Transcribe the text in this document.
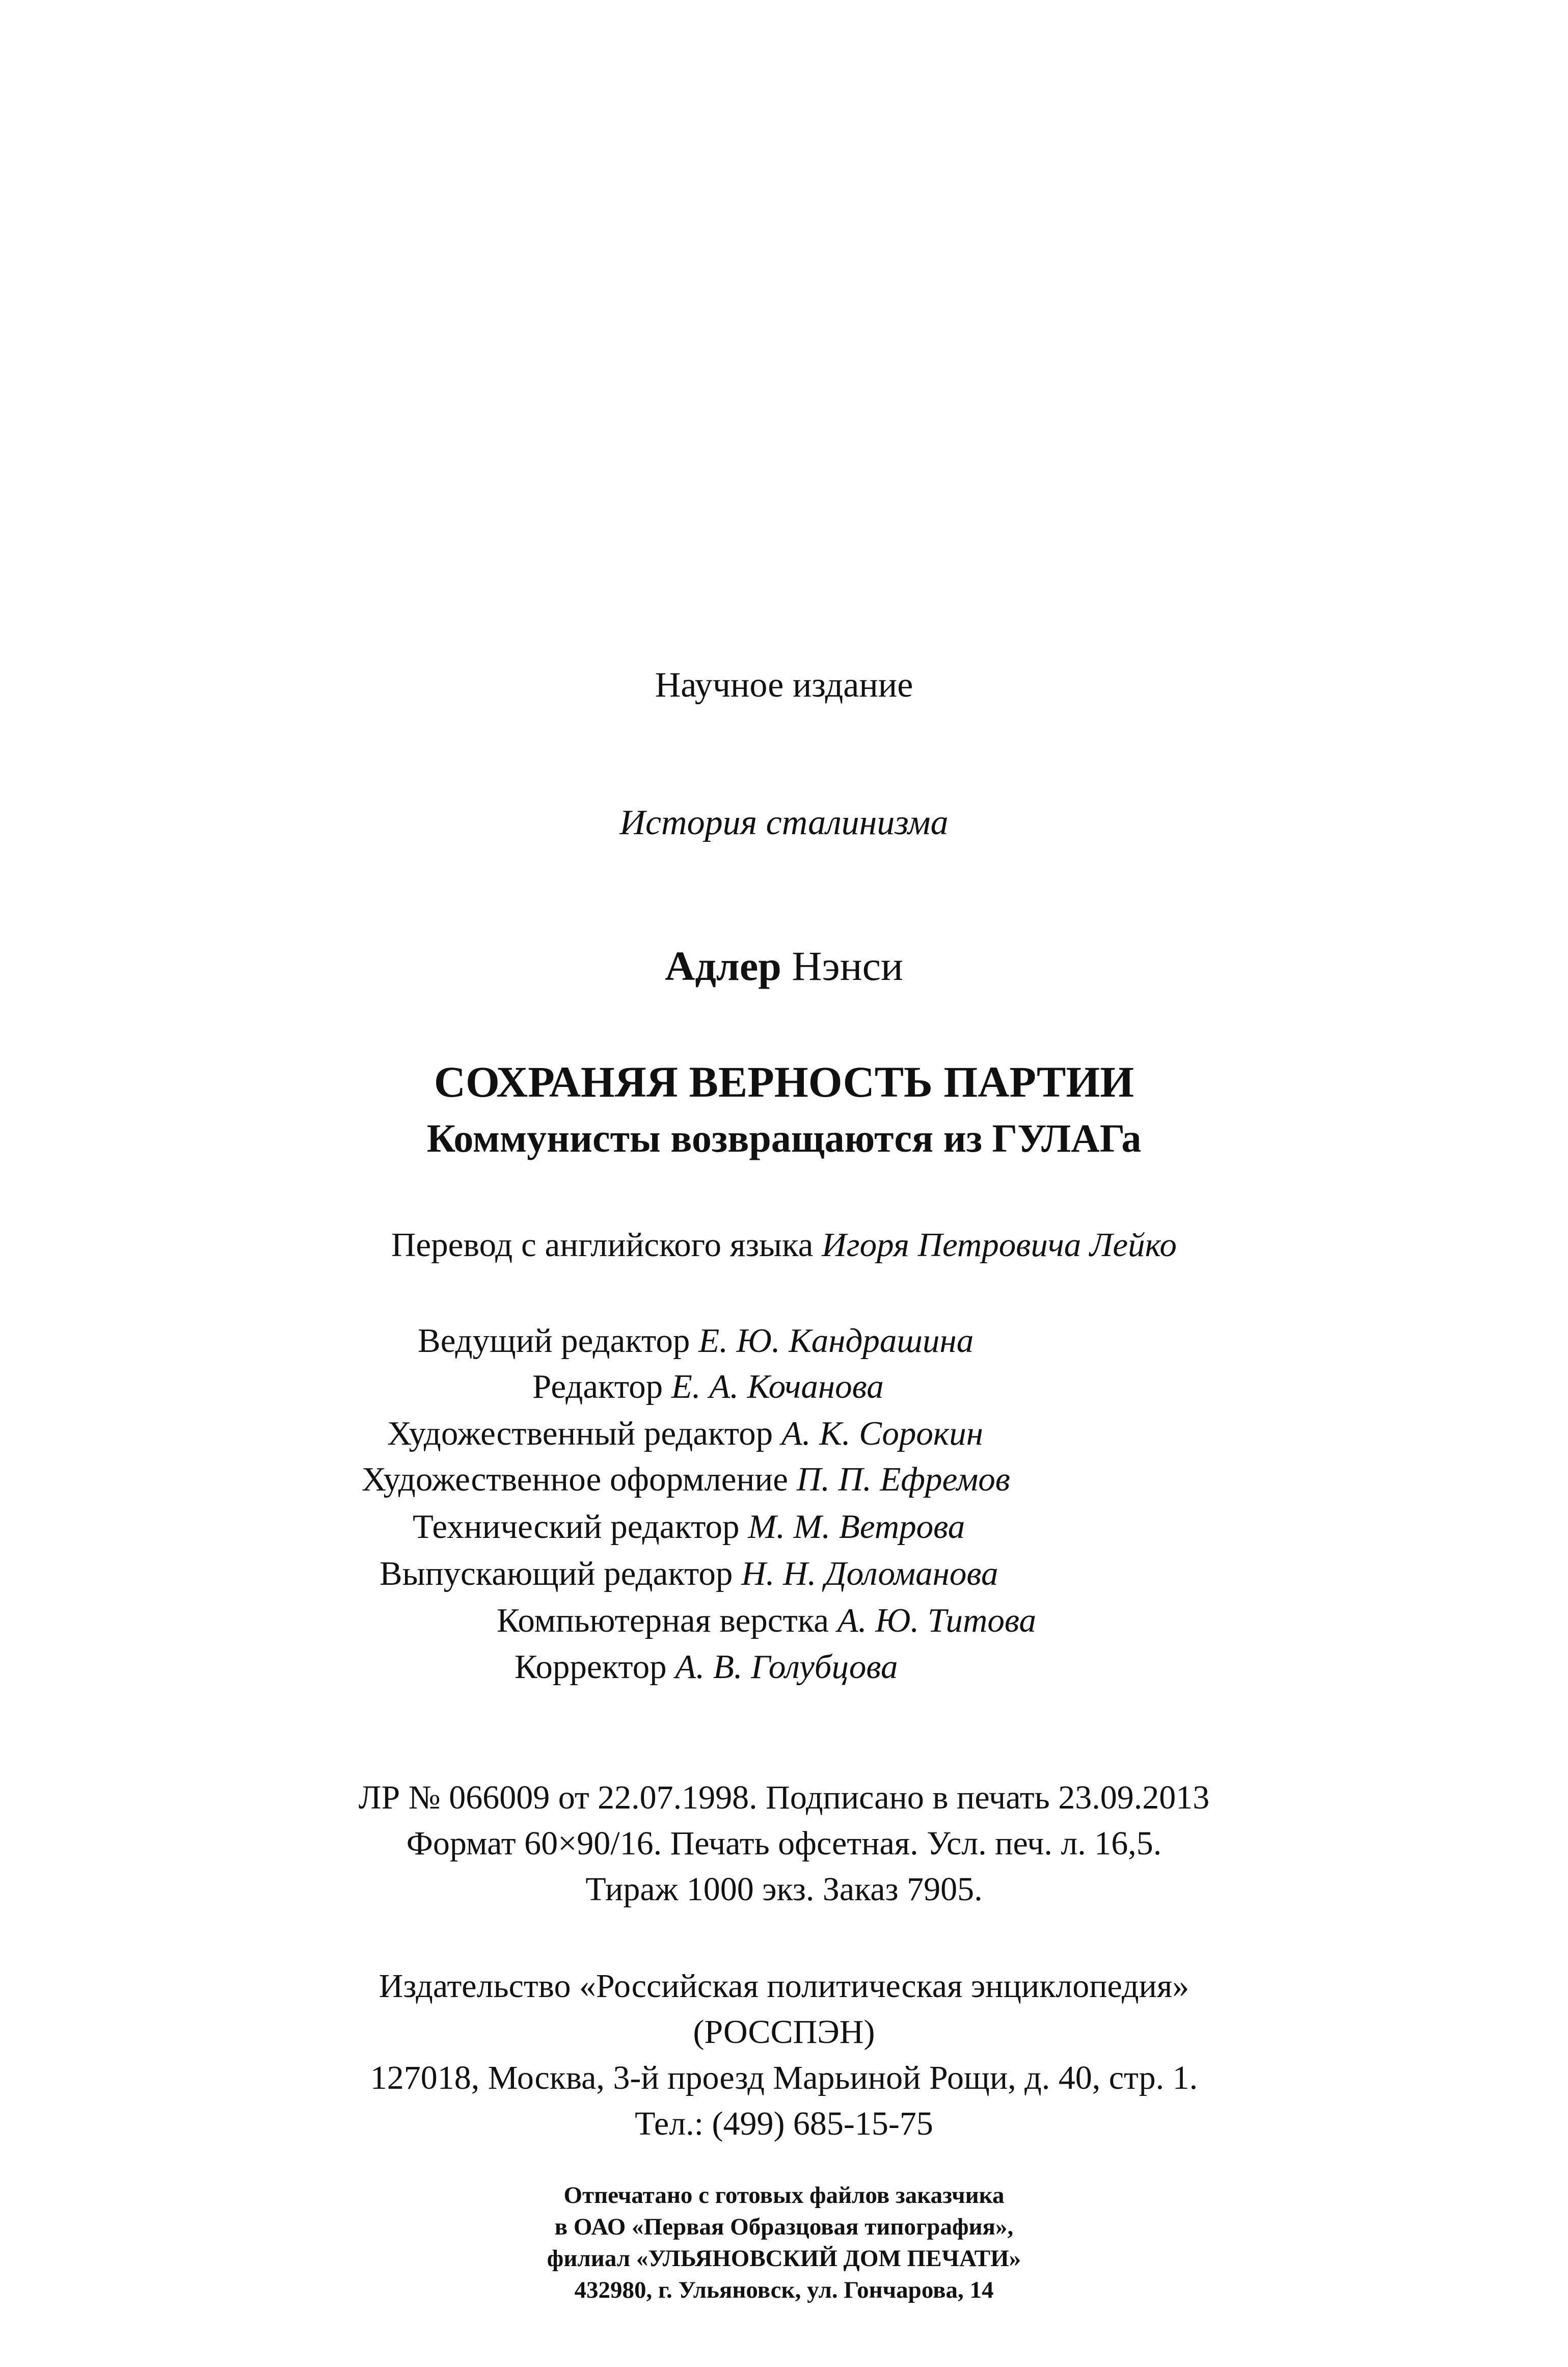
Научное издание
История сталинизма
Адлер Нэнси
СОХРАНЯЯ ВЕРНОСТЬ ПАРТИИ
Коммунисты возвращаются из ГУЛАГа
Перевод с английского языка Игоря Петровича Лейко
Ведущий редактор Е. Ю. Кандрашина
Редактор Е. А. Кочанова
Художественный редактор А. К. Сорокин
Художественное оформление П. П. Ефремов
Технический редактор М. М. Ветрова
Выпускающий редактор Н. Н. Доломанова
Компьютерная верстка А. Ю. Титова
Корректор А. В. Голубцова
ЛР № 066009 от 22.07.1998. Подписано в печать 23.09.2013
Формат 60×90/16. Печать офсетная. Усл. печ. л. 16,5.
Тираж 1000 экз. Заказ 7905.
Издательство «Российская политическая энциклопедия»
(РОССПЭН)
127018, Москва, 3-й проезд Марьиной Рощи, д. 40, стр. 1.
Тел.: (499) 685-15-75
Отпечатано с готовых файлов заказчика
в ОАО «Первая Образцовая типография»,
филиал «УЛЬЯНОВСКИЙ ДОМ ПЕЧАТИ»
432980, г. Ульяновск, ул. Гончарова, 14
